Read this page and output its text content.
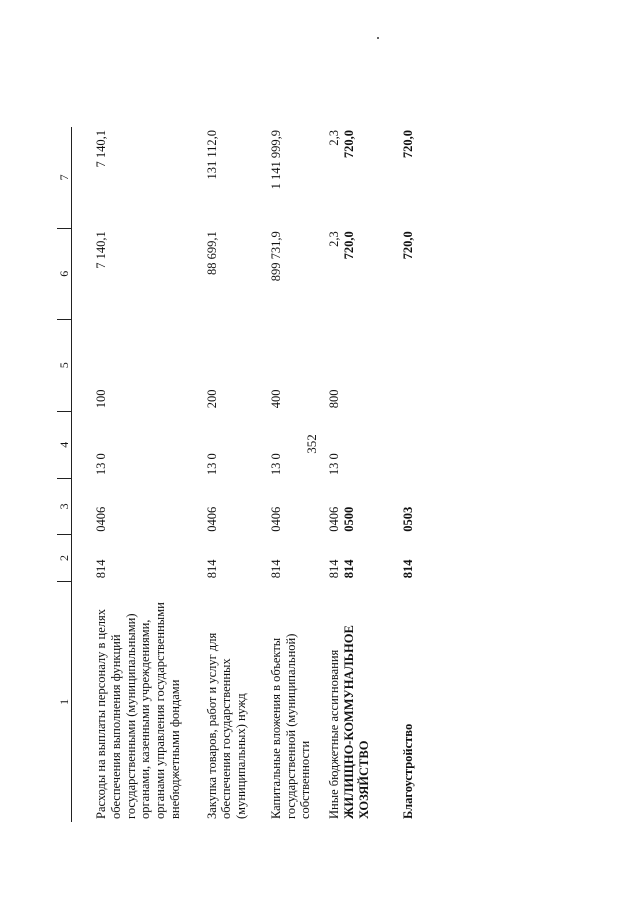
352
1	2	3	4	5	6	7
Расходы на выплаты персоналу в целях обеспечения выполнения функций государственными (муниципальными) органами, казенными учреждениями, органами управления государственными внебюджетными фондами	814	0406	13 0	100	7 140,1	7 140,1
Закупка товаров, работ и услуг для обеспечения государственных (муниципальных) нужд	814	0406	13 0	200	88 699,1	131 112,0
Капитальные вложения в объекты государственной (муниципальной) собственности	814	0406	13 0	400	899 731,9	1 141 999,9
Иные бюджетные ассигнования	814	0406	13 0	800	2,3	2,3
ЖИЛИЩНО-КОММУНАЛЬНОЕ ХОЗЯЙСТВО	814	0500			720,0	720,0
Благоустройство	814	0503			720,0	720,0
